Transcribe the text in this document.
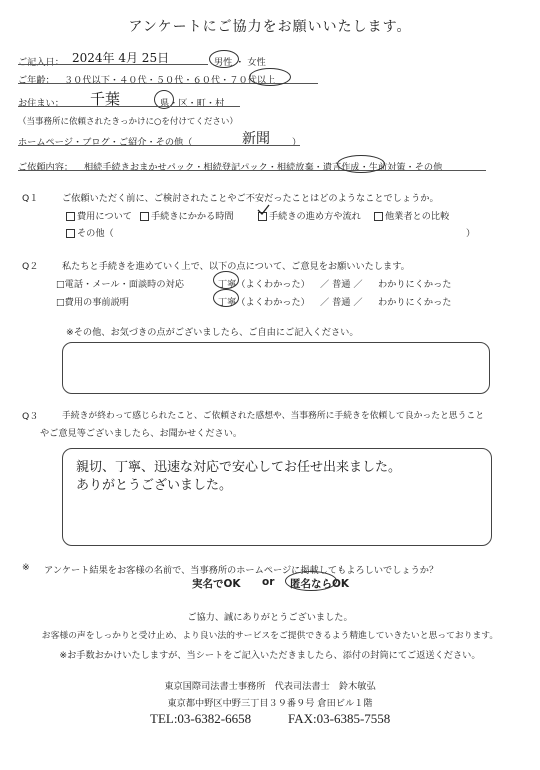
アンケートにご協力をお願いいたします。
ご記入日： 2024年 4月 25日	男性 ・ 女性
ご年齢： ３０代以下・４０代・５０代・６０代・７０代以上
お住まい： 千葉	県・区・町・村
（当事務所に依頼されたきっかけに○を付けてください）
ホームページ・ブログ・ご紹介・その他（	新聞 ）
ご依頼内容： 相続手続きおまかせパック・相続登記パック・相続放棄・遺言作成・生前対策・その他
Q１	ご依頼いただく前に、ご検討されたことやご不安だったことはどのようなことでしょうか。
費用について	手続きにかかる時間	手続きの進め方や流れ	他業者との比較
その他（	）
Q２	私たちと手続きを進めていく上で、以下の点について、ご意見をお願いいたします。
□電話・メール・面談時の対応	丁寧（よくわかった） ／ 普通 ／ わかりにくかった
□費用の事前説明	丁寧（よくわかった） ／ 普通 ／ わかりにくかった
※その他、お気づきの点がございましたら、ご自由にご記入ください。
Q３	手続きが終わって感じられたこと、ご依頼された感想や、当事務所に手続きを依頼して良かったと思うこと
やご意見等ございましたら、お聞かせください。
親切、丁寧、迅速な対応で安心してお任せ出来ました。
ありがとうございました。
※ アンケート結果をお客様の名前で、当事務所のホームページに掲載してもよろしいでしょうか？
実名でOK or 匿名ならOK
ご協力、誠にありがとうございました。
お客様の声をしっかりと受け止め、より良い法的サービスをご提供できるよう精進していきたいと思っております。
※お手数おかけいたしますが、当シートをご記入いただきましたら、添付の封筒にてご返送ください。
東京国際司法書士事務所　代表司法書士　鈴木敏弘
東京都中野区中野三丁目３９番９号 倉田ビル１階
TEL:03-6382-6658	FAX:03-6385-7558
